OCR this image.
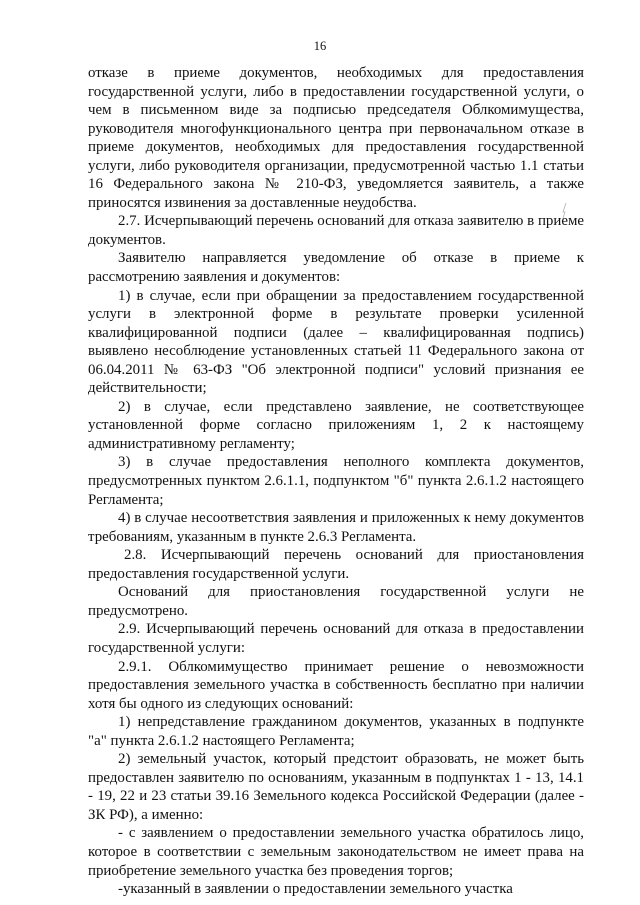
16

отказе в приеме документов, необходимых для предоставления государственной услуги, либо в предоставлении государственной услуги, о чем в письменном виде за подписью председателя Облкомимущества, руководителя многофункционального центра при первоначальном отказе в приеме документов, необходимых для предоставления государственной услуги, либо руководителя организации, предусмотренной частью 1.1 статьи 16 Федерального закона № 210-ФЗ, уведомляется заявитель, а также приносятся извинения за доставленные неудобства.

2.7. Исчерпывающий перечень оснований для отказа заявителю в приеме документов.

Заявителю направляется уведомление об отказе в приеме к рассмотрению заявления и документов:

1) в случае, если при обращении за предоставлением государственной услуги в электронной форме в результате проверки усиленной квалифицированной подписи (далее – квалифицированная подпись) выявлено несоблюдение установленных статьей 11 Федерального закона от 06.04.2011 № 63-ФЗ "Об электронной подписи" условий признания ее действительности;

2) в случае, если представлено заявление, не соответствующее установленной форме согласно приложениям 1, 2 к настоящему административному регламенту;

3) в случае предоставления неполного комплекта документов, предусмотренных пунктом 2.6.1.1, подпунктом "б" пункта 2.6.1.2 настоящего Регламента;

4) в случае несоответствия заявления и приложенных к нему документов требованиям, указанным в пункте 2.6.3 Регламента.

2.8. Исчерпывающий перечень оснований для приостановления предоставления государственной услуги.

Оснований для приостановления государственной услуги не предусмотрено.

2.9. Исчерпывающий перечень оснований для отказа в предоставлении государственной услуги:

2.9.1. Облкомимущество принимает решение о невозможности предоставления земельного участка в собственность бесплатно при наличии хотя бы одного из следующих оснований:

1) непредставление гражданином документов, указанных в подпункте "а" пункта 2.6.1.2 настоящего Регламента;

2) земельный участок, который предстоит образовать, не может быть предоставлен заявителю по основаниям, указанным в подпунктах 1 - 13, 14.1 - 19, 22 и 23 статьи 39.16 Земельного кодекса Российской Федерации (далее - ЗК РФ), а именно:

- с заявлением о предоставлении земельного участка обратилось лицо, которое в соответствии с земельным законодательством не имеет права на приобретение земельного участка без проведения торгов;

-указанный в заявлении о предоставлении земельного участка
